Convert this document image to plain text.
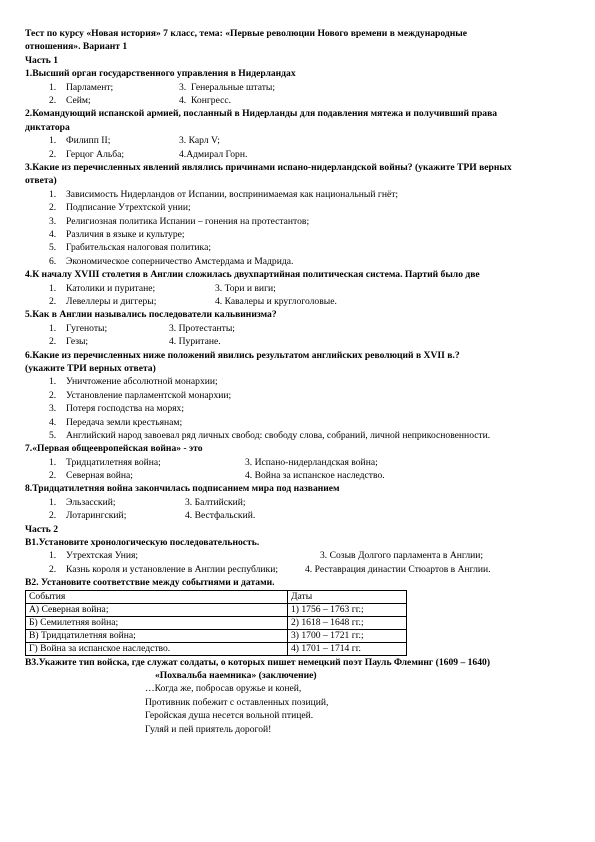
Тест по курсу «Новая история» 7 класс, тема: «Первые революции Нового времени в международные
отношения». Вариант 1
Часть 1
1.Высший орган государственного управления в Нидерландах
1. Парламент;	3. Генеральные штаты;
2. Сейм;	4. Конгресс.
2.Командующий испанской армией, посланный в Нидерланды для подавления мятежа и получивший права
диктатора
1. Филипп II;	3. Карл V;
2. Герцог Альба;	4.Адмирал Горн.
3.Какие из перечисленных явлений являлись причинами испано-нидерландской войны? (укажите ТРИ верных
ответа)
1. Зависимость Нидерландов от Испании, воспринимаемая как национальный гнёт;
2. Подписание Утрехтской унии;
3. Религиозная политика Испании – гонения на протестантов;
4. Различия в языке и культуре;
5. Грабительская налоговая политика;
6. Экономическое соперничество Амстердама и Мадрида.
4.К началу XVIII столетия в Англии сложилась двухпартийная политическая система. Партий было две
1. Католики и пуритане;	3. Тори и виги;
2. Левеллеры и диггеры;	4. Кавалеры и круглоголовые.
5.Как в Англии назывались последователи кальвинизма?
1. Гугеноты;	3. Протестанты;
2. Гезы;	4. Пуритане.
6.Какие из перечисленных ниже положений явились результатом английских революций в XVII в.?
(укажите ТРИ верных ответа)
1. Уничтожение абсолютной монархии;
2. Установление парламентской монархии;
3. Потеря господства на морях;
4. Передача земли крестьянам;
5. Английский народ завоевал ряд личных свобод: свободу слова, собраний, личной неприкосновенности.
7.«Первая общеевропейская война» - это
1. Тридцатилетняя война;	3. Испано-нидерландская война;
2. Северная война;	4. Война за испанское наследство.
8.Тридцатилетняя война закончилась подписанием мира под названием
1. Эльзасский;	3. Балтийский;
2. Лотарингский;	4. Вестфальский.
Часть 2
В1.Установите хронологическую последовательность.
1. Утрехтская Уния;	3. Созыв Долгого парламента в Англии;
2. Казнь короля и установление в Англии республики;	4. Реставрация династии Стюартов в Англии.
В2. Установите соответствие между событиями и датами.
События	Даты
А) Северная война;	1) 1756 – 1763 гг.;
Б) Семилетняя война;	2) 1618 – 1648 гг.;
В) Тридцатилетняя война;	3) 1700 – 1721 гг.;
Г) Война за испанское наследство.	4) 1701 – 1714 гг.
В3.Укажите тип войска, где служат солдаты, о которых пишет немецкий поэт Пауль Флеминг (1609 – 1640)
«Похвальба наемника» (заключение)
…Когда же, побросав оружье и коней,
Противник побежит с оставленных позиций,
Геройская душа несется вольной птицей.
Гуляй и пей приятель дорогой!
